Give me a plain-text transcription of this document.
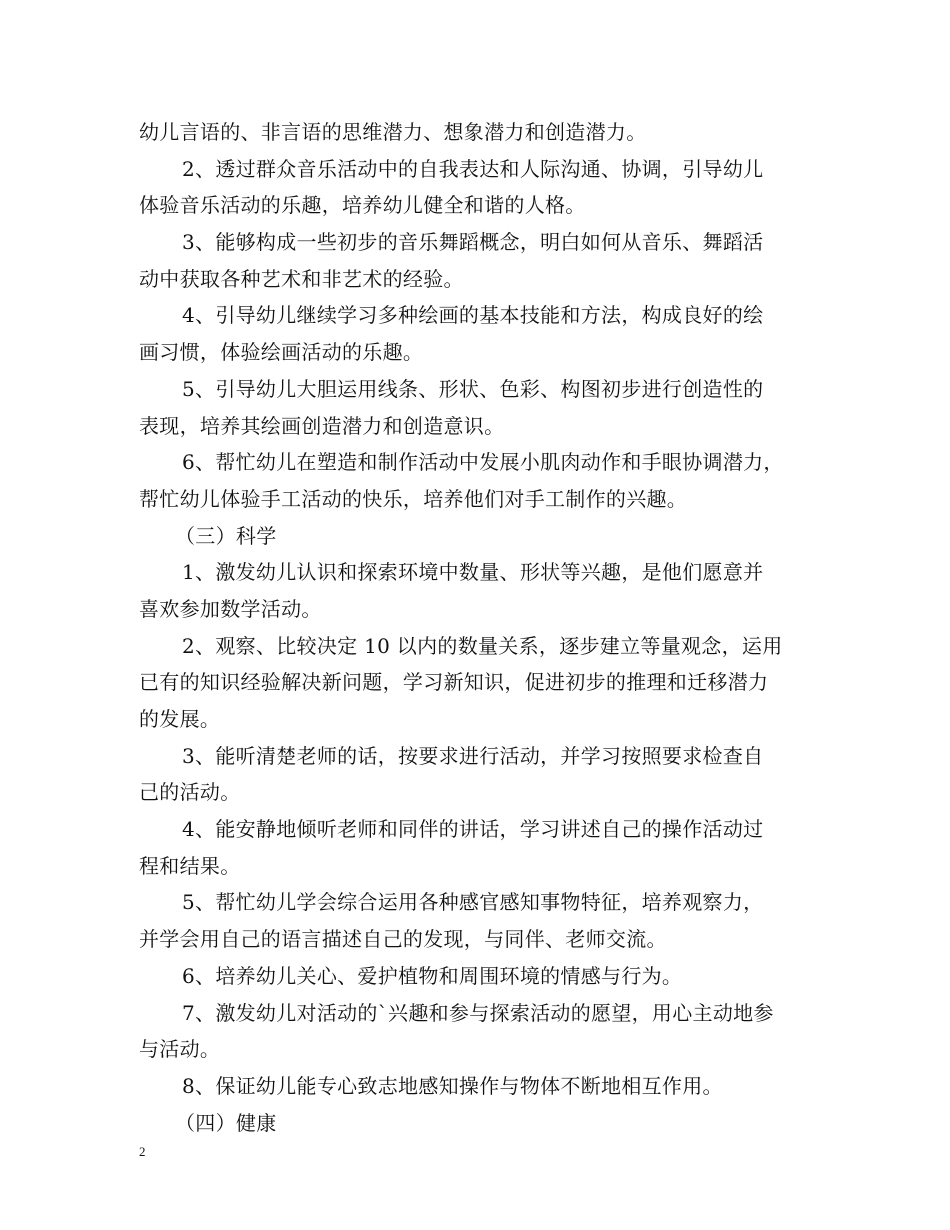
幼儿言语的、非言语的思维潜力、想象潜力和创造潜力。
2、透过群众音乐活动中的自我表达和人际沟通、协调，引导幼儿
体验音乐活动的乐趣，培养幼儿健全和谐的人格。
3、能够构成一些初步的音乐舞蹈概念，明白如何从音乐、舞蹈活
动中获取各种艺术和非艺术的经验。
4、引导幼儿继续学习多种绘画的基本技能和方法，构成良好的绘
画习惯，体验绘画活动的乐趣。
5、引导幼儿大胆运用线条、形状、色彩、构图初步进行创造性的
表现，培养其绘画创造潜力和创造意识。
6、帮忙幼儿在塑造和制作活动中发展小肌肉动作和手眼协调潜力，
帮忙幼儿体验手工活动的快乐，培养他们对手工制作的兴趣。
（三）科学
1、激发幼儿认识和探索环境中数量、形状等兴趣，是他们愿意并
喜欢参加数学活动。
2、观察、比较决定 10 以内的数量关系，逐步建立等量观念，运用
已有的知识经验解决新问题，学习新知识，促进初步的推理和迁移潜力
的发展。
3、能听清楚老师的话，按要求进行活动，并学习按照要求检查自
己的活动。
4、能安静地倾听老师和同伴的讲话，学习讲述自己的操作活动过
程和结果。
5、帮忙幼儿学会综合运用各种感官感知事物特征，培养观察力，
并学会用自己的语言描述自己的发现，与同伴、老师交流。
6、培养幼儿关心、爱护植物和周围环境的情感与行为。
7、激发幼儿对活动的`兴趣和参与探索活动的愿望，用心主动地参
与活动。
8、保证幼儿能专心致志地感知操作与物体不断地相互作用。
（四）健康
2
